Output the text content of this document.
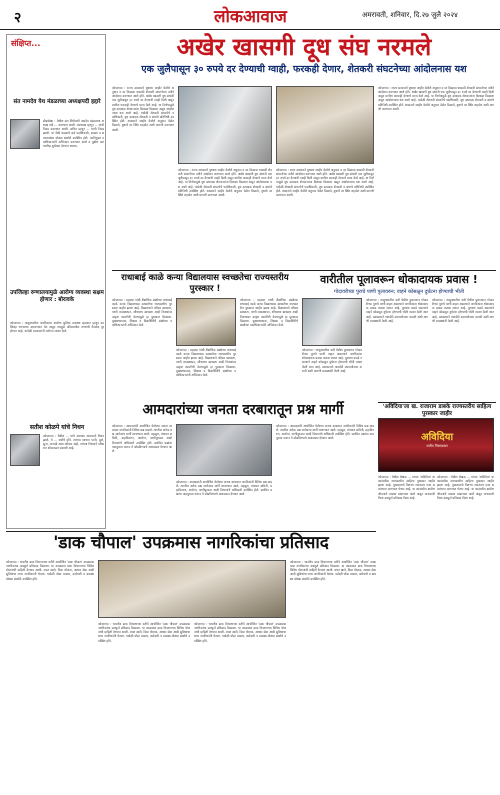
२	लोकआवाज	अमरावती, शनिवार, दि.२७ जुलै २०२४
संक्षिप्त...
संत नामदेव येथ मंडळाच्या अध्यक्षपदी हद्दारे
ब्रीडबोखा : येथील संत शिरोमणी नामदेव मंडळाच्या अध्यक्ष पदी ... करण्यात आली. उपाध्यक्ष म्हणून ... यांची निवड करण्यात आली. सचिव म्हणून ... यांची निवड झाली. या वेळी मंडळाचे सर्व पदाधिकारी, सदस्य व समाजबांधव मोठ्या संख्येने उपस्थित होते. नवनियुक्त पदाधिकाऱ्यांचे अभिनंदन करण्यात आले व पुढील वाटचालीस शुभेच्छा देण्यात आल्या.
उपजिल्हा रुग्णालयामुळे आरोग्य व्यवस्था सक्षम होणार : बोरावके
कोपरगाव : तालुक्यातील नागरिकांना आरोग्य सुविधा उपलब्ध व्हाव्यात म्हणून उपजिल्हा रुग्णालय उभारण्यात येत असून त्यामुळे परिसरातील रुग्णांची गैरसोय दूर होणार आहे. यावेळी मान्यवरांनी मनोगत व्यक्त केले.
सतीश कोळपे यांचे निधन
कोपरगाव : येथील ... यांचे अल्पशा आजाराने निधन झाले. ते ... वर्षांचे होते. त्यांच्या पश्चात पत्नी, मुले, सुना, नातवंडे असा परिवार आहे. त्यांच्या निधनाने परिसरात शोककळा पसरली आहे.
अखेर खासगी दूध संघ नरमले
एक जुलैपासून ३० रुपये दर देण्याची ग्वाही, फरकही देणार, शेतकरी संघटनेच्या आंदोलनास यश
कोपरगाव : राज्य सरकारने दुधाला जाहीर केलेले अनुदान व दर मिळावा यासाठी शेतकरी संघटनेच्या वतीने आंदोलन करण्यात आले होते. अखेर खासगी दूध संघांनी एक जुलैपासून ३० रुपये दर देण्याची ग्वाही दिली असून मागील फरकही देण्याचे मान्य केले आहे. या निर्णयामुळे दूध उत्पादक शेतकऱ्यांना दिलासा मिळाला असून आंदोलनाला यश आले आहे. यावेळी शेतकरी संघटनेचे पदाधिकारी, दूध उत्पादक शेतकरी व संघांचे प्रतिनिधी उपस्थित होते. शासनाने जाहीर केलेले अनुदान वेळेत मिळावे, दुधाचे दर स्थिर राहावेत अशी मागणी करण्यात आली.
कोपरगाव : राज्य सरकारने दुधाला जाहीर केलेले अनुदान व दर मिळावा यासाठी शेतकरी संघटनेच्या वतीने आंदोलन करण्यात आले होते. अखेर खासगी दूध संघांनी एक जुलैपासून ३० रुपये दर देण्याची ग्वाही दिली असून मागील फरकही देण्याचे मान्य केले आहे. या निर्णयामुळे दूध उत्पादक शेतकऱ्यांना दिलासा मिळाला असून आंदोलनाला यश आले आहे. यावेळी शेतकरी संघटनेचे पदाधिकारी, दूध उत्पादक शेतकरी व संघांचे प्रतिनिधी उपस्थित होते. शासनाने जाहीर केलेले अनुदान वेळेत मिळावे, दुधाचे दर स्थिर राहावेत अशी मागणी करण्यात आली.
कोपरगाव : राज्य सरकारने दुधाला जाहीर केलेले अनुदान व दर मिळावा यासाठी शेतकरी संघटनेच्या वतीने आंदोलन करण्यात आले होते. अखेर खासगी दूध संघांनी एक जुलैपासून ३० रुपये दर देण्याची ग्वाही दिली असून मागील फरकही देण्याचे मान्य केले आहे. या निर्णयामुळे दूध उत्पादक शेतकऱ्यांना दिलासा मिळाला असून आंदोलनाला यश आले आहे. यावेळी शेतकरी संघटनेचे पदाधिकारी, दूध उत्पादक शेतकरी व संघांचे प्रतिनिधी उपस्थित होते. शासनाने जाहीर केलेले अनुदान वेळेत मिळावे, दुधाचे दर स्थिर राहावेत अशी मागणी करण्यात आली.
कोपरगाव : राज्य सरकारने दुधाला जाहीर केलेले अनुदान व दर मिळावा यासाठी शेतकरी संघटनेच्या वतीने आंदोलन करण्यात आले होते. अखेर खासगी दूध संघांनी एक जुलैपासून ३० रुपये दर देण्याची ग्वाही दिली असून मागील फरकही देण्याचे मान्य केले आहे. या निर्णयामुळे दूध उत्पादक शेतकऱ्यांना दिलासा मिळाला असून आंदोलनाला यश आले आहे. यावेळी शेतकरी संघटनेचे पदाधिकारी, दूध उत्पादक शेतकरी व संघांचे प्रतिनिधी उपस्थित होते. शासनाने जाहीर केलेले अनुदान वेळेत मिळावे, दुधाचे दर स्थिर राहावेत अशी मागणी करण्यात आली.
राधाबाई काळे कन्या विद्यालयास स्वच्छतेचा राज्यस्तरीय पुरस्कार !
कोपरगाव : महात्मा गांधी शैक्षणिक संस्थेच्या राधाबाई काळे कन्या विद्यालयास स्वच्छतेचा राज्यस्तरीय पुरस्कार जाहीर झाला आहे. विद्यालयाने परिसर स्वच्छता, पाणी व्यवस्थापन, शौचालय स्वच्छता आदी निकषांवर उत्कृष्ट कामगिरी केल्यामुळे हा पुरस्कार मिळाला. मुख्याध्यापक, शिक्षक व विद्यार्थिनींचे संस्थेच्या पदाधिकाऱ्यांनी अभिनंदन केले.
कोपरगाव : महात्मा गांधी शैक्षणिक संस्थेच्या राधाबाई काळे कन्या विद्यालयास स्वच्छतेचा राज्यस्तरीय पुरस्कार जाहीर झाला आहे. विद्यालयाने परिसर स्वच्छता, पाणी व्यवस्थापन, शौचालय स्वच्छता आदी निकषांवर उत्कृष्ट कामगिरी केल्यामुळे हा पुरस्कार मिळाला. मुख्याध्यापक, शिक्षक व विद्यार्थिनींचे संस्थेच्या पदाधिकाऱ्यांनी अभिनंदन केले.
कोपरगाव : महात्मा गांधी शैक्षणिक संस्थेच्या राधाबाई काळे कन्या विद्यालयास स्वच्छतेचा राज्यस्तरीय पुरस्कार जाहीर झाला आहे. विद्यालयाने परिसर स्वच्छता, पाणी व्यवस्थापन, शौचालय स्वच्छता आदी निकषांवर उत्कृष्ट कामगिरी केल्यामुळे हा पुरस्कार मिळाला. मुख्याध्यापक, शिक्षक व विद्यार्थिनींचे संस्थेच्या पदाधिकाऱ्यांनी अभिनंदन केले.
वारीतील पूलावरून धोकादायक प्रवास !
गोदावरीच्या पुराचे पाणी पुलावरुन; वाहने कोसळून दुर्घटना होण्याची भीती
कोपरगाव : तालुक्यातील वारी येथील पुलावरून गोदावरीच्या पुराचे पाणी वाहत असल्याने नागरिकांना धोकादायक प्रवास करावा लागत आहे. पुलाला कठडे नसल्याने वाहने कोसळून दुर्घटना होण्याची भीती व्यक्त केली जात आहे. प्रशासनाने तातडीने उपाययोजना करावी अशी मागणी ग्रामस्थांनी केली आहे.
कोपरगाव : तालुक्यातील वारी येथील पुलावरून गोदावरीच्या पुराचे पाणी वाहत असल्याने नागरिकांना धोकादायक प्रवास करावा लागत आहे. पुलाला कठडे नसल्याने वाहने कोसळून दुर्घटना होण्याची भीती व्यक्त केली जात आहे. प्रशासनाने तातडीने उपाययोजना करावी अशी मागणी ग्रामस्थांनी केली आहे.
कोपरगाव : तालुक्यातील वारी येथील पुलावरून गोदावरीच्या पुराचे पाणी वाहत असल्याने नागरिकांना धोकादायक प्रवास करावा लागत आहे. पुलाला कठडे नसल्याने वाहने कोसळून दुर्घटना होण्याची भीती व्यक्त केली जात आहे. प्रशासनाने तातडीने उपाययोजना करावी अशी मागणी ग्रामस्थांनी केली आहे.
आमदारांच्या जनता दरबारातून प्रश्न मार्गी
कोपरगाव : आमदारांनी आयोजित केलेल्या जनता दरबारात नागरिकांनी विविध प्रश्न मांडले. त्यातील अनेक प्रश्न जागेवरच मार्गी लावण्यात आले. महसूल, पंचायत समिती, महावितरण, आरोग्य, पाणीपुरवठा आदी विभागांचे अधिकारी उपस्थित होते. प्रलंबित प्रश्नांचा पाठपुरावा करून ते सोडविण्याचे आश्वासन देण्यात आले.
कोपरगाव : आमदारांनी आयोजित केलेल्या जनता दरबारात नागरिकांनी विविध प्रश्न मांडले. त्यातील अनेक प्रश्न जागेवरच मार्गी लावण्यात आले. महसूल, पंचायत समिती, महावितरण, आरोग्य, पाणीपुरवठा आदी विभागांचे अधिकारी उपस्थित होते. प्रलंबित प्रश्नांचा पाठपुरावा करून ते सोडविण्याचे आश्वासन देण्यात आले.
कोपरगाव : आमदारांनी आयोजित केलेल्या जनता दरबारात नागरिकांनी विविध प्रश्न मांडले. त्यातील अनेक प्रश्न जागेवरच मार्गी लावण्यात आले. महसूल, पंचायत समिती, महावितरण, आरोग्य, पाणीपुरवठा आदी विभागांचे अधिकारी उपस्थित होते. प्रलंबित प्रश्नांचा पाठपुरावा करून ते सोडविण्याचे आश्वासन देण्यात आले.
'अविदिया'ला ख. राजाराम डाबके राज्यस्तरीय साहित्य पुरस्कार जाहीर
अविदिया
अतीत पिसाळकर
कोपरगाव : येथील लेखक ... यांच्या 'अविदिया' या कादंबरीस राज्यस्तरीय साहित्य पुरस्कार जाहीर झाला आहे. पुरस्काराचे वितरण लवकरच एका समारंभात करण्यात येणार आहे. या कादंबरीत ग्रामीण जीवनाचे वास्तव मांडण्यात आले असून वाचकांनी तिला उत्स्फूर्त प्रतिसाद दिला आहे.
कोपरगाव : येथील लेखक ... यांच्या 'अविदिया' या कादंबरीस राज्यस्तरीय साहित्य पुरस्कार जाहीर झाला आहे. पुरस्काराचे वितरण लवकरच एका समारंभात करण्यात येणार आहे. या कादंबरीत ग्रामीण जीवनाचे वास्तव मांडण्यात आले असून वाचकांनी तिला उत्स्फूर्त प्रतिसाद दिला आहे.
'डाक चौपाल' उपक्रमास नागरिकांचा प्रतिसाद
कोपरगाव : भारतीय डाक विभागाच्या वतीने आयोजित 'डाक चौपाल' उपक्रमास नागरिकांचा उत्स्फूर्त प्रतिसाद मिळाला. या उपक्रमात डाक विभागाच्या विविध योजनांची माहिती देण्यात आली. बचत खाते, विमा योजना, आधार सेवा आदी सुविधांचा लाभ नागरिकांनी घेतला. यावेळी पोस्ट मास्तर, कर्मचारी व ग्रामस्थ मोठ्या संख्येने उपस्थित होते.
कोपरगाव : भारतीय डाक विभागाच्या वतीने आयोजित 'डाक चौपाल' उपक्रमास नागरिकांचा उत्स्फूर्त प्रतिसाद मिळाला. या उपक्रमात डाक विभागाच्या विविध योजनांची माहिती देण्यात आली. बचत खाते, विमा योजना, आधार सेवा आदी सुविधांचा लाभ नागरिकांनी घेतला. यावेळी पोस्ट मास्तर, कर्मचारी व ग्रामस्थ मोठ्या संख्येने उपस्थित होते.
कोपरगाव : भारतीय डाक विभागाच्या वतीने आयोजित 'डाक चौपाल' उपक्रमास नागरिकांचा उत्स्फूर्त प्रतिसाद मिळाला. या उपक्रमात डाक विभागाच्या विविध योजनांची माहिती देण्यात आली. बचत खाते, विमा योजना, आधार सेवा आदी सुविधांचा लाभ नागरिकांनी घेतला. यावेळी पोस्ट मास्तर, कर्मचारी व ग्रामस्थ मोठ्या संख्येने उपस्थित होते.
कोपरगाव : भारतीय डाक विभागाच्या वतीने आयोजित 'डाक चौपाल' उपक्रमास नागरिकांचा उत्स्फूर्त प्रतिसाद मिळाला. या उपक्रमात डाक विभागाच्या विविध योजनांची माहिती देण्यात आली. बचत खाते, विमा योजना, आधार सेवा आदी सुविधांचा लाभ नागरिकांनी घेतला. यावेळी पोस्ट मास्तर, कर्मचारी व ग्रामस्थ मोठ्या संख्येने उपस्थित होते.
